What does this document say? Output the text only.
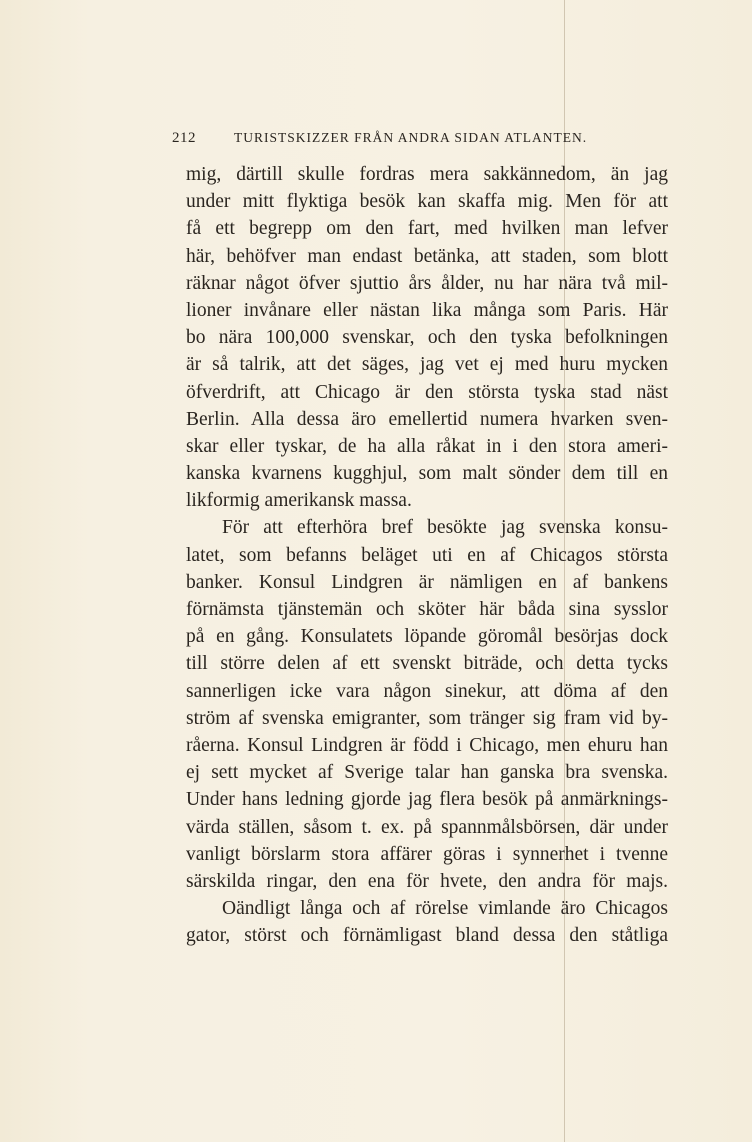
212	TURISTSKIZZER FRÅN ANDRA SIDAN ATLANTEN.
mig, därtill skulle fordras mera sakkännedom, än jag
under mitt flyktiga besök kan skaffa mig. Men för att
få ett begrepp om den fart, med hvilken man lefver
här, behöfver man endast betänka, att staden, som blott
räknar något öfver sjuttio års ålder, nu har nära två mil-
lioner invånare eller nästan lika många som Paris. Här
bo nära 100,000 svenskar, och den tyska befolkningen
är så talrik, att det säges, jag vet ej med huru mycken
öfverdrift, att Chicago är den största tyska stad näst
Berlin. Alla dessa äro emellertid numera hvarken sven-
skar eller tyskar, de ha alla råkat in i den stora ameri-
kanska kvarnens kugghjul, som malt sönder dem till en
likformig amerikansk massa.
För att efterhöra bref besökte jag svenska konsu-
latet, som befanns beläget uti en af Chicagos största
banker. Konsul Lindgren är nämligen en af bankens
förnämsta tjänstemän och sköter här båda sina sysslor
på en gång. Konsulatets löpande göromål besörjas dock
till större delen af ett svenskt biträde, och detta tycks
sannerligen icke vara någon sinekur, att döma af den
ström af svenska emigranter, som tränger sig fram vid by-
råerna. Konsul Lindgren är född i Chicago, men ehuru han
ej sett mycket af Sverige talar han ganska bra svenska.
Under hans ledning gjorde jag flera besök på anmärknings-
värda ställen, såsom t. ex. på spannmålsbörsen, där under
vanligt börslarm stora affärer göras i synnerhet i tvenne
särskilda ringar, den ena för hvete, den andra för majs.
Oändligt långa och af rörelse vimlande äro Chicagos
gator, störst och förnämligast bland dessa den ståtliga
